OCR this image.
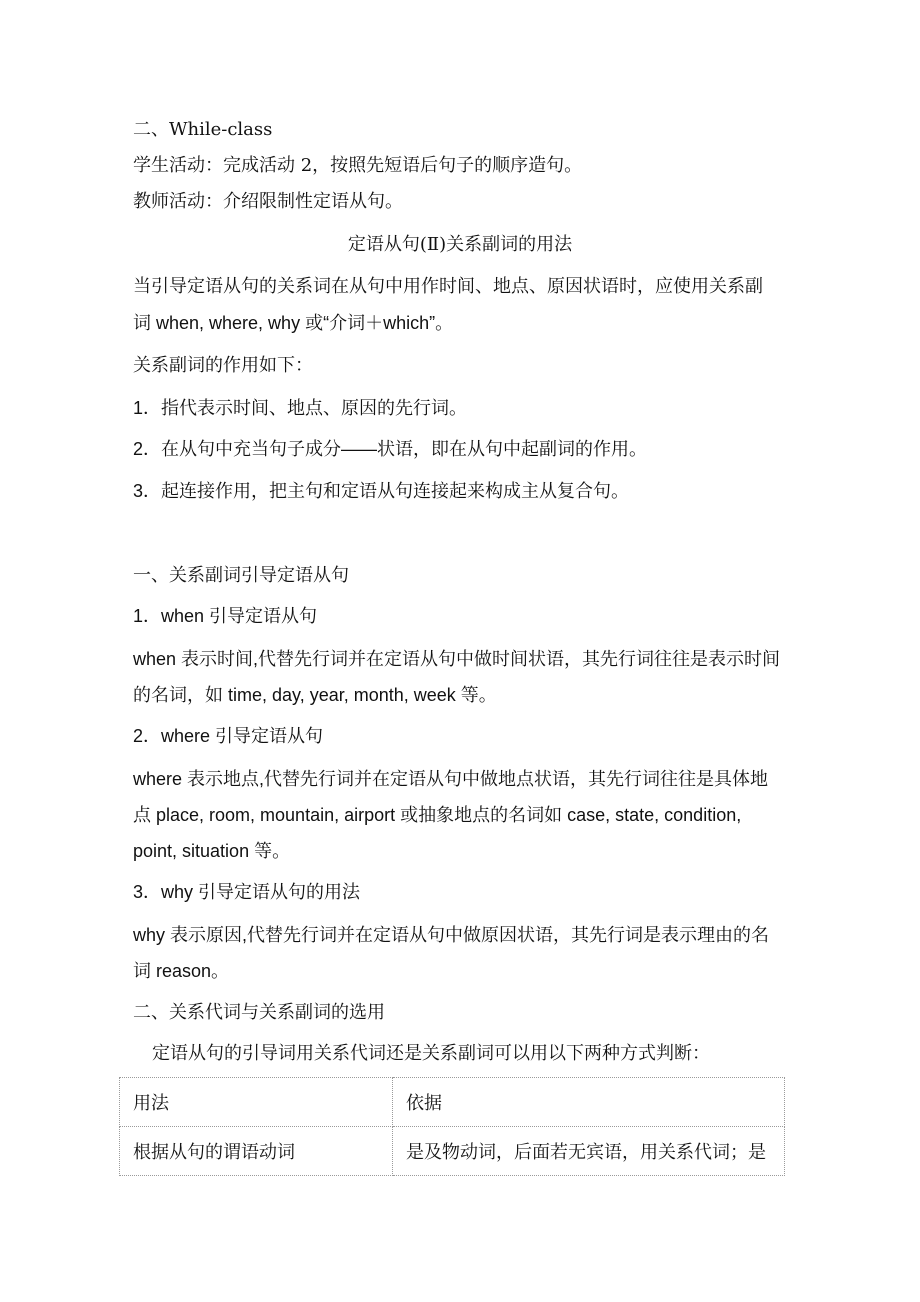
二、While-class
学生活动：完成活动 2，按照先短语后句子的顺序造句。
教师活动：介绍限制性定语从句。
定语从句(Ⅱ)关系副词的用法
当引导定语从句的关系词在从句中用作时间、地点、原因状语时，应使用关系副
词 when, where, why 或“介词＋which”。
关系副词的作用如下：
1．指代表示时间、地点、原因的先行词。
2．在从句中充当句子成分——状语，即在从句中起副词的作用。
3．起连接作用，把主句和定语从句连接起来构成主从复合句。
一、关系副词引导定语从句
1．when 引导定语从句
when 表示时间,代替先行词并在定语从句中做时间状语，其先行词往往是表示时间
的名词，如 time, day, year, month, week 等。
2．where 引导定语从句
where 表示地点,代替先行词并在定语从句中做地点状语，其先行词往往是具体地
点 place, room, mountain, airport 或抽象地点的名词如 case, state, condition,
point, situation 等。
3．why 引导定语从句的用法
why 表示原因,代替先行词并在定语从句中做原因状语，其先行词是表示理由的名
词 reason。
二、关系代词与关系副词的选用
定语从句的引导词用关系代词还是关系副词可以用以下两种方式判断：
用法	依据
根据从句的谓语动词	是及物动词，后面若无宾语，用关系代词；是
